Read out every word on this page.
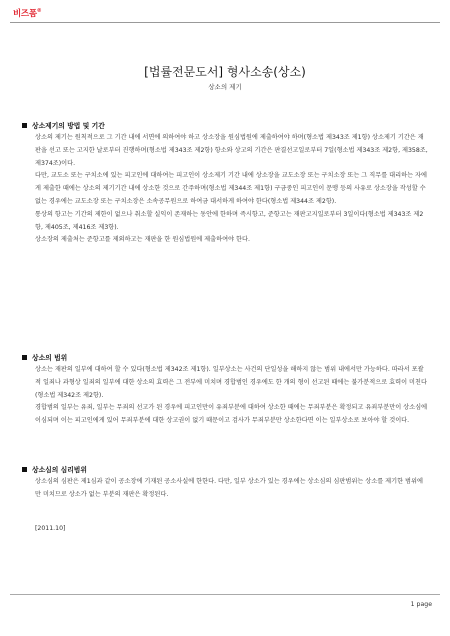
비즈폼®
[법률전문도서] 형사소송(상소)
상소의 제기
상소제기의 방법 및 기간

상소의 제기는 원칙적으로 그 기간 내에 서면에 의하여야 하고 상소장을 원심법원에 제출하여야 하며(형소법 제343조 제1항) 상소제기 기간은 재판을 선고 또는 고지한 날로부터 진행하며(형소법 제343조 제2항) 항소와 상고의 기간은 판결선고일로부터 7일(형소법 제343조 제2항, 제358조, 제374조)이다.

다만, 교도소 또는 구치소에 있는 피고인에 대하여는 피고인이 상소제기 기간 내에 상소장을 교도소장 또는 구치소장 또는 그 직무를 대리하는 자에게 제출한 때에는 상소의 제기기간 내에 상소한 것으로 간주하며(형소법 제344조 제1항) 구금중인 피고인이 문맹 등의 사유로 상소장을 작성할 수 없는 경우에는 교도소장 또는 구치소장은 소속공무원으로 하여금 대서하게 하여야 한다(형소법 제344조 제2항).

통상의 항고는 기간의 제한이 없으나 취소할 실익이 존재하는 동안에 한하며 즉시항고, 준항고는 재판고지일로부터 3일이다(형소법 제343조 제2항, 제405조, 제416조 제3항).

상소장의 제출처는 준항고를 제외하고는 재판을 한 원심법원에 제출하여야 한다.

상소의 범위

상소는 재판의 일부에 대하여 할 수 있다(형소법 제342조 제1항). 일부상소는 사건의 단일성을 해하지 않는 범위 내에서만 가능하다. 따라서 포괄적 일죄나 과형상 일죄의 일부에 대한 상소의 효력은 그 전부에 미치며 경합범인 경우에도 한 개의 형이 선고된 때에는 불가분적으로 효력이 미친다(형소법 제342조 제2항).

경합범의 일부는 유죄, 일부는 무죄의 선고가 된 경우에 피고인만이 유죄부분에 대하여 상소한 때에는 무죄부분은 확정되고 유죄부분만이 상소심에 이심되며 이는 피고인에게 있어 무죄부분에 대한 상고권이 없기 때문이고 검사가 무죄부분만 상소한다면 이는 일부상소로 보아야 할 것이다.

상소심의 심리범위

상소심의 심판은 제1심과 같이 공소장에 기재된 공소사실에 한한다. 다만, 일부 상소가 있는 경우에는 상소심의 심판범위는 상소를 제기한 범위에만 미치므로 상소가 없는 부분의 재판은 확정된다.

[2011.10]
1 page
